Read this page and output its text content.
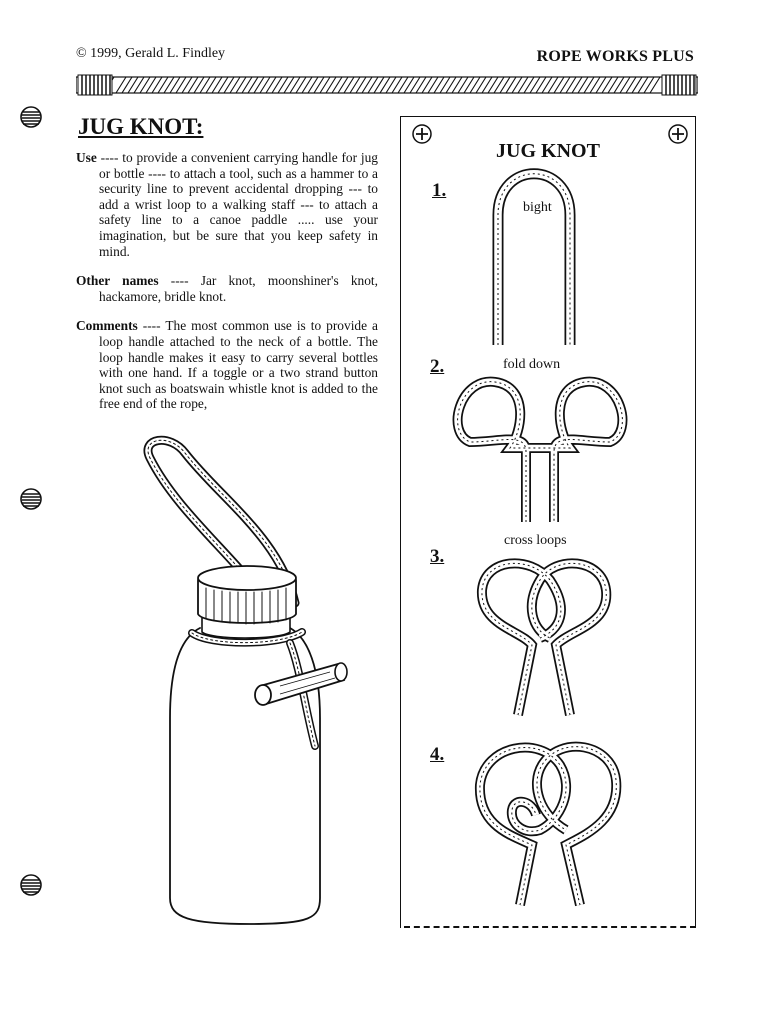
© 1999, Gerald L. Findley	ROPE WORKS PLUS
JUG KNOT:

Use ---- to provide a convenient carrying handle for jug or bottle ---- to attach a tool, such as a hammer to a security line to prevent accidental dropping --- to add a wrist loop to a walking staff --- to attach a safety line to a canoe paddle ..... use your imagination, but be sure that you keep safety in mind.

Other names ---- Jar knot, moonshiner's knot, hackamore, bridle knot.

Comments ---- The most common use is to provide a loop handle attached to the neck of a bottle. The loop handle makes it easy to carry several bottles with one hand. If a toggle or a two strand button knot such as boatswain whistle knot is added to the free end of the rope,

JUG KNOT
1.
bight
2.	fold down
3.
cross loops
4.
